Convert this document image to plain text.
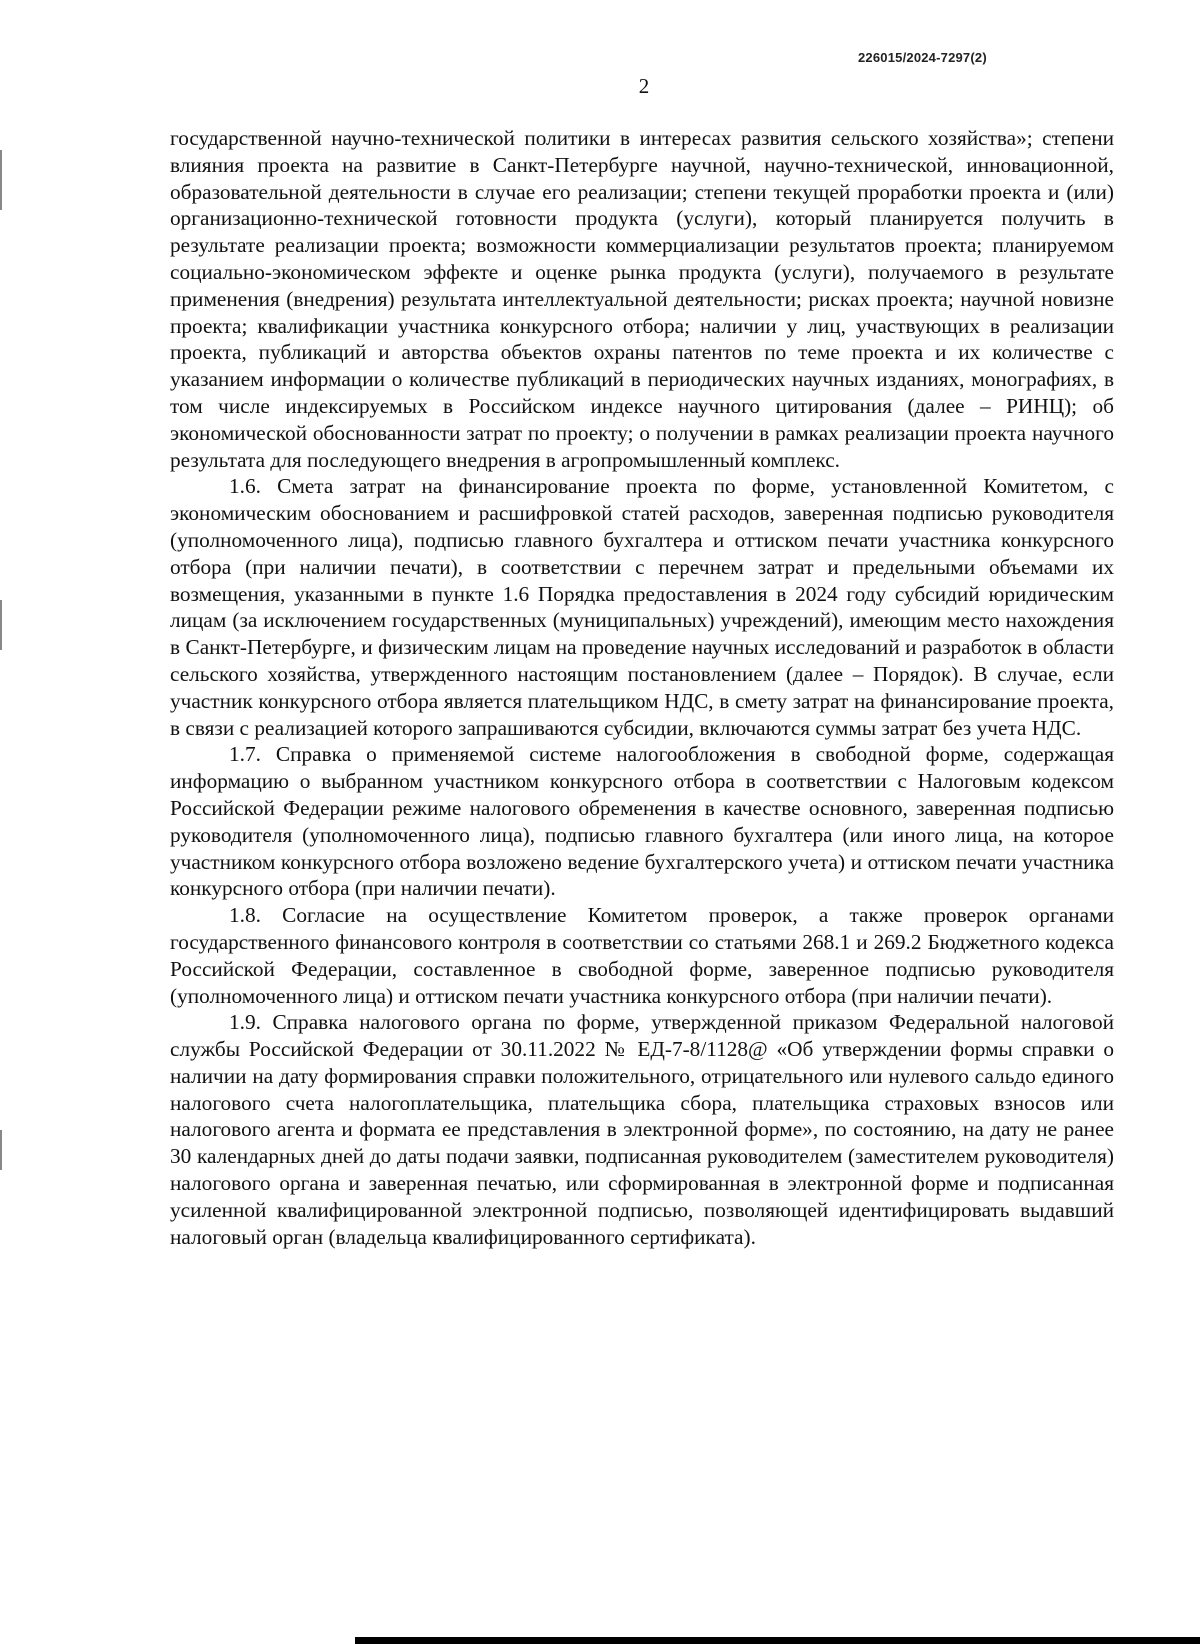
226015/2024-7297(2)
2

государственной научно-технической политики в интересах развития сельского хозяйства»; степени влияния проекта на развитие в Санкт-Петербурге научной, научно-технической, инновационной, образовательной деятельности в случае его реализации; степени текущей проработки проекта и (или) организационно-технической готовности продукта (услуги), который планируется получить в результате реализации проекта; возможности коммерциализации результатов проекта; планируемом социально-экономическом эффекте и оценке рынка продукта (услуги), получаемого в результате применения (внедрения) результата интеллектуальной деятельности; рисках проекта; научной новизне проекта; квалификации участника конкурсного отбора; наличии у лиц, участвующих в реализации проекта, публикаций и авторства объектов охраны патентов по теме проекта и их количестве с указанием информации о количестве публикаций в периодических научных изданиях, монографиях, в том числе индексируемых в Российском индексе научного цитирования (далее – РИНЦ); об экономической обоснованности затрат по проекту; о получении в рамках реализации проекта научного результата для последующего внедрения в агропромышленный комплекс.

1.6. Смета затрат на финансирование проекта по форме, установленной Комитетом, с экономическим обоснованием и расшифровкой статей расходов, заверенная подписью руководителя (уполномоченного лица), подписью главного бухгалтера и оттиском печати участника конкурсного отбора (при наличии печати), в соответствии с перечнем затрат и предельными объемами их возмещения, указанными в пункте 1.6 Порядка предоставления в 2024 году субсидий юридическим лицам (за исключением государственных (муниципальных) учреждений), имеющим место нахождения в Санкт-Петербурге, и физическим лицам на проведение научных исследований и разработок в области сельского хозяйства, утвержденного настоящим постановлением (далее – Порядок). В случае, если участник конкурсного отбора является плательщиком НДС, в смету затрат на финансирование проекта, в связи с реализацией которого запрашиваются субсидии, включаются суммы затрат без учета НДС.

1.7. Справка о применяемой системе налогообложения в свободной форме, содержащая информацию о выбранном участником конкурсного отбора в соответствии с Налоговым кодексом Российской Федерации режиме налогового обременения в качестве основного, заверенная подписью руководителя (уполномоченного лица), подписью главного бухгалтера (или иного лица, на которое участником конкурсного отбора возложено ведение бухгалтерского учета) и оттиском печати участника конкурсного отбора (при наличии печати).

1.8. Согласие на осуществление Комитетом проверок, а также проверок органами государственного финансового контроля в соответствии со статьями 268.1 и 269.2 Бюджетного кодекса Российской Федерации, составленное в свободной форме, заверенное подписью руководителя (уполномоченного лица) и оттиском печати участника конкурсного отбора (при наличии печати).

1.9. Справка налогового органа по форме, утвержденной приказом Федеральной налоговой службы Российской Федерации от 30.11.2022 № ЕД-7-8/1128@ «Об утверждении формы справки о наличии на дату формирования справки положительного, отрицательного или нулевого сальдо единого налогового счета налогоплательщика, плательщика сбора, плательщика страховых взносов или налогового агента и формата ее представления в электронной форме», по состоянию, на дату не ранее 30 календарных дней до даты подачи заявки, подписанная руководителем (заместителем руководителя) налогового органа и заверенная печатью, или сформированная в электронной форме и подписанная усиленной квалифицированной электронной подписью, позволяющей идентифицировать выдавший налоговый орган (владельца квалифицированного сертификата).
